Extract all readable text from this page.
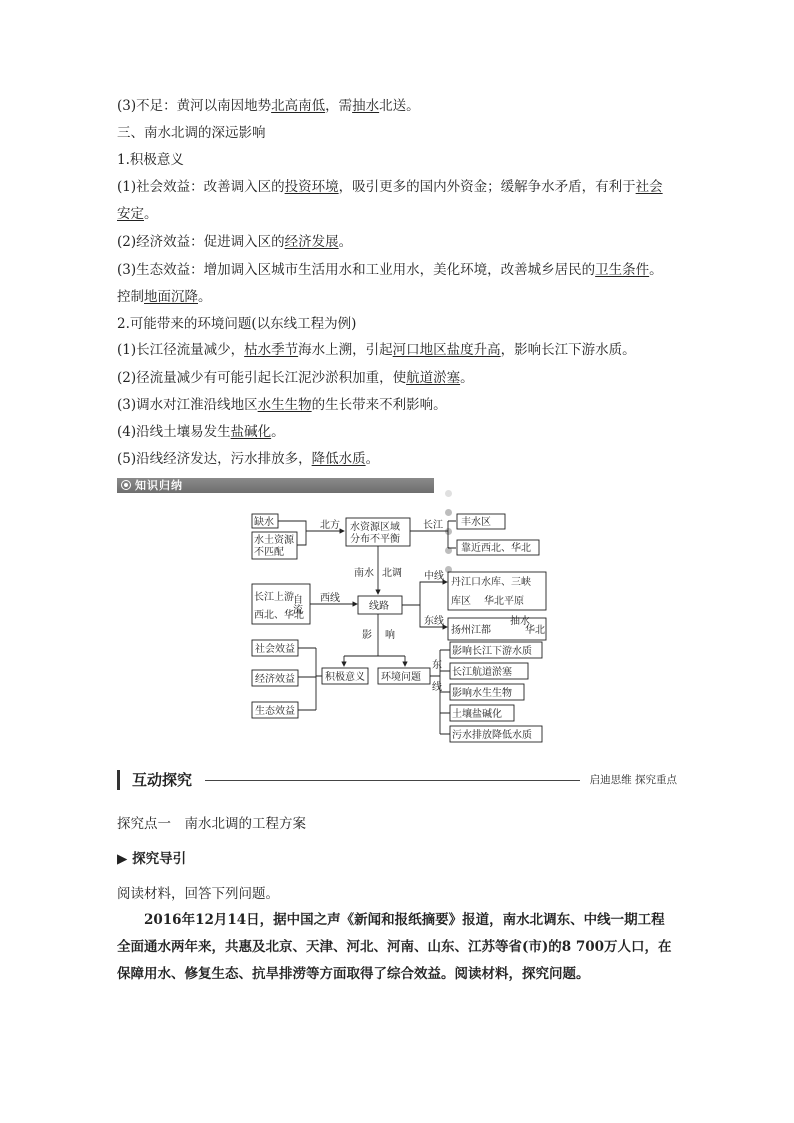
(3)不足：黄河以南因地势北高南低，需抽水北送。
三、南水北调的深远影响
1.积极意义
(1)社会效益：改善调入区的投资环境，吸引更多的国内外资金；缓解争水矛盾，有利于社会
安定。
(2)经济效益：促进调入区的经济发展。
(3)生态效益：增加调入区城市生活用水和工业用水，美化环境，改善城乡居民的卫生条件。
控制地面沉降。
2.可能带来的环境问题(以东线工程为例)
(1)长江径流量减少，枯水季节海水上溯，引起河口地区盐度升高，影响长江下游水质。
(2)径流量减少有可能引起长江泥沙淤积加重，使航道淤塞。
(3)调水对江淮沿线地区水生生物的生长带来不利影响。
(4)沿线土壤易发生盐碱化。
(5)沿线经济发达，污水排放多，降低水质。
知识归纳
缺水
水土资源
不匹配
北方 水资源区域
分布不平衡
长江 丰水区
靠近西北、华北
南水 北调
长江上游
西北、华北
自流 西线
线路
中线
东线
丹江口水库、三峡
库区 华北平原
扬州江都
抽水
华北
影 响
积极意义 环境问题
社会效益
经济效益
生态效益
东
线
影响长江下游水质
长江航道淤塞
影响水生生物
土壤盐碱化
污水排放降低水质
互动探究	启迪思维 探究重点
探究点一　南水北调的工程方案
▶ 探究导引
阅读材料，回答下列问题。
2016年12月14日，据中国之声《新闻和报纸摘要》报道，南水北调东、中线一期工程全面通水两年来，共惠及北京、天津、河北、河南、山东、江苏等省(市)的8 700万人口，在保障用水、修复生态、抗旱排涝等方面取得了综合效益。阅读材料，探究问题。
